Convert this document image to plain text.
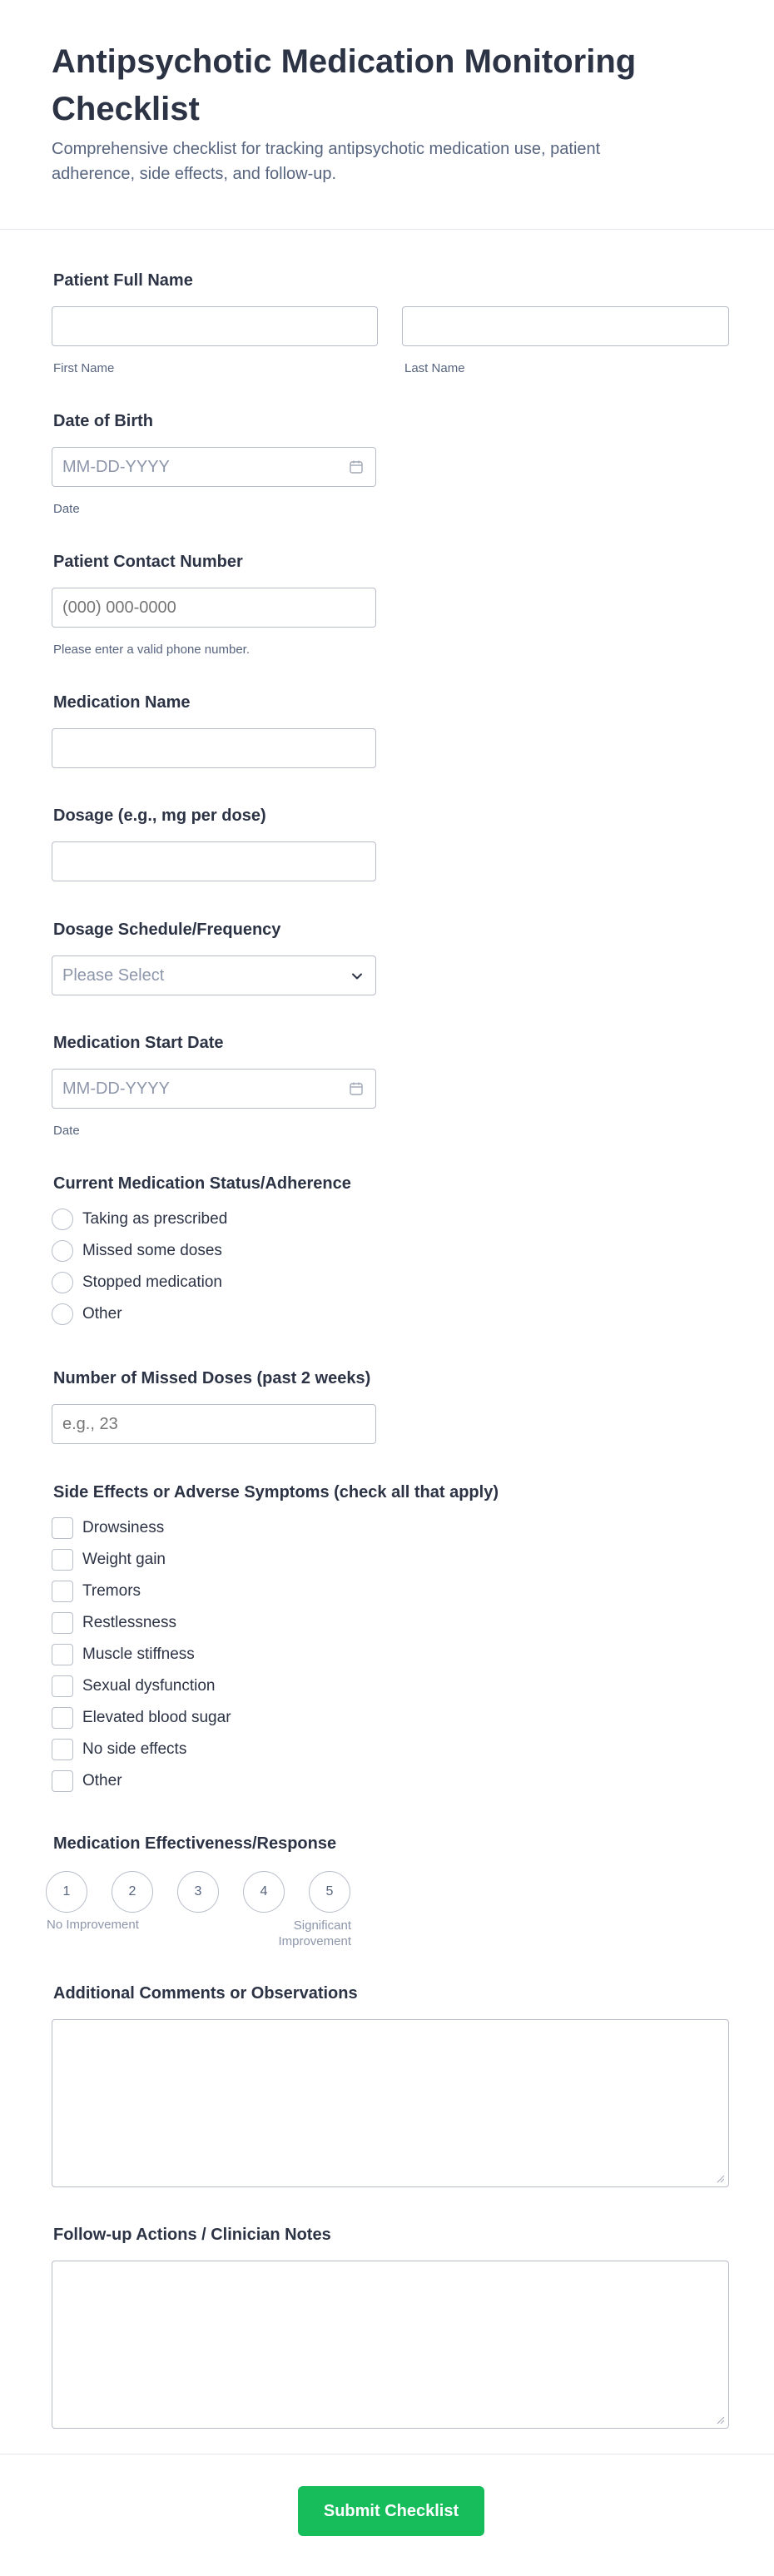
Antipsychotic Medication Monitoring Checklist
Comprehensive checklist for tracking antipsychotic medication use, patient adherence, side effects, and follow-up.
Patient Full Name
First Name	Last Name
Date of Birth
MM-DD-YYYY
Date
Patient Contact Number
(000) 000-0000
Please enter a valid phone number.
Medication Name
Dosage (e.g., mg per dose)
Dosage Schedule/Frequency
Please Select
Medication Start Date
MM-DD-YYYY
Date
Current Medication Status/Adherence
Taking as prescribed
Missed some doses
Stopped medication
Other
Number of Missed Doses (past 2 weeks)
e.g., 23
Side Effects or Adverse Symptoms (check all that apply)
Drowsiness
Weight gain
Tremors
Restlessness
Muscle stiffness
Sexual dysfunction
Elevated blood sugar
No side effects
Other
Medication Effectiveness/Response
1	2	3	4	5
No Improvement	Significant Improvement
Additional Comments or Observations
Follow-up Actions / Clinician Notes
Submit Checklist
